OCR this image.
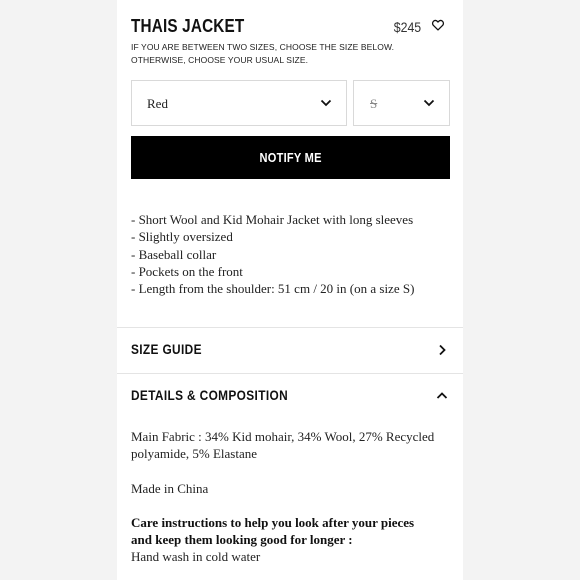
THAIS JACKET	$245
IF YOU ARE BETWEEN TWO SIZES, CHOOSE THE SIZE BELOW. OTHERWISE, CHOOSE YOUR USUAL SIZE.
Red	S
NOTIFY ME
- Short Wool and Kid Mohair Jacket with long sleeves
- Slightly oversized
- Baseball collar
- Pockets on the front
- Length from the shoulder: 51 cm / 20 in (on a size S)
SIZE GUIDE
DETAILS & COMPOSITION

Main Fabric : 34% Kid mohair, 34% Wool, 27% Recycled

polyamide, 5% Elastane

Made in China

Care instructions to help you look after your pieces

and keep them looking good for longer :

Hand wash in cold water
